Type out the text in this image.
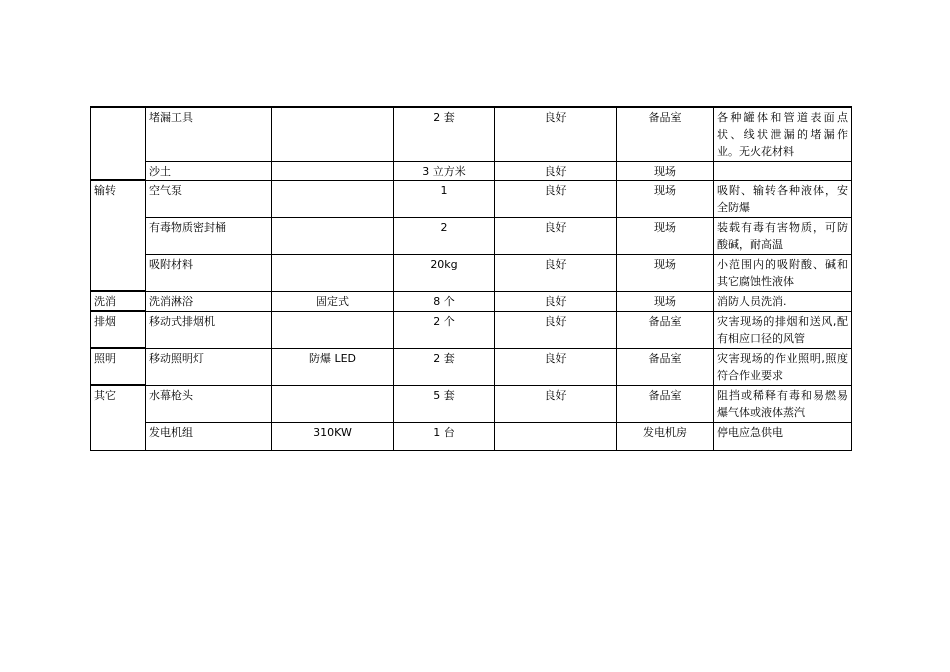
	堵漏工具		2 套	良好	备品室	各种罐体和管道表面点状、线状泄漏的堵漏作业。无火花材料
	沙土		3 立方米	良好	现场	
输转	空气泵		1	良好	现场	吸附、输转各种液体，安全防爆
	有毒物质密封桶		2	良好	现场	装载有毒有害物质，可防酸碱，耐高温
	吸附材料		20kg	良好	现场	小范围内的吸附酸、碱和其它腐蚀性液体
洗消	洗消淋浴	固定式	8 个	良好	现场	消防人员洗消.
排烟	移动式排烟机		2 个	良好	备品室	灾害现场的排烟和送风,配有相应口径的风管
照明	移动照明灯	防爆 LED	2 套	良好	备品室	灾害现场的作业照明,照度符合作业要求
其它	水幕枪头		5 套	良好	备品室	阻挡或稀释有毒和易燃易爆气体或液体蒸汽
	发电机组	310KW	1 台		发电机房	停电应急供电
